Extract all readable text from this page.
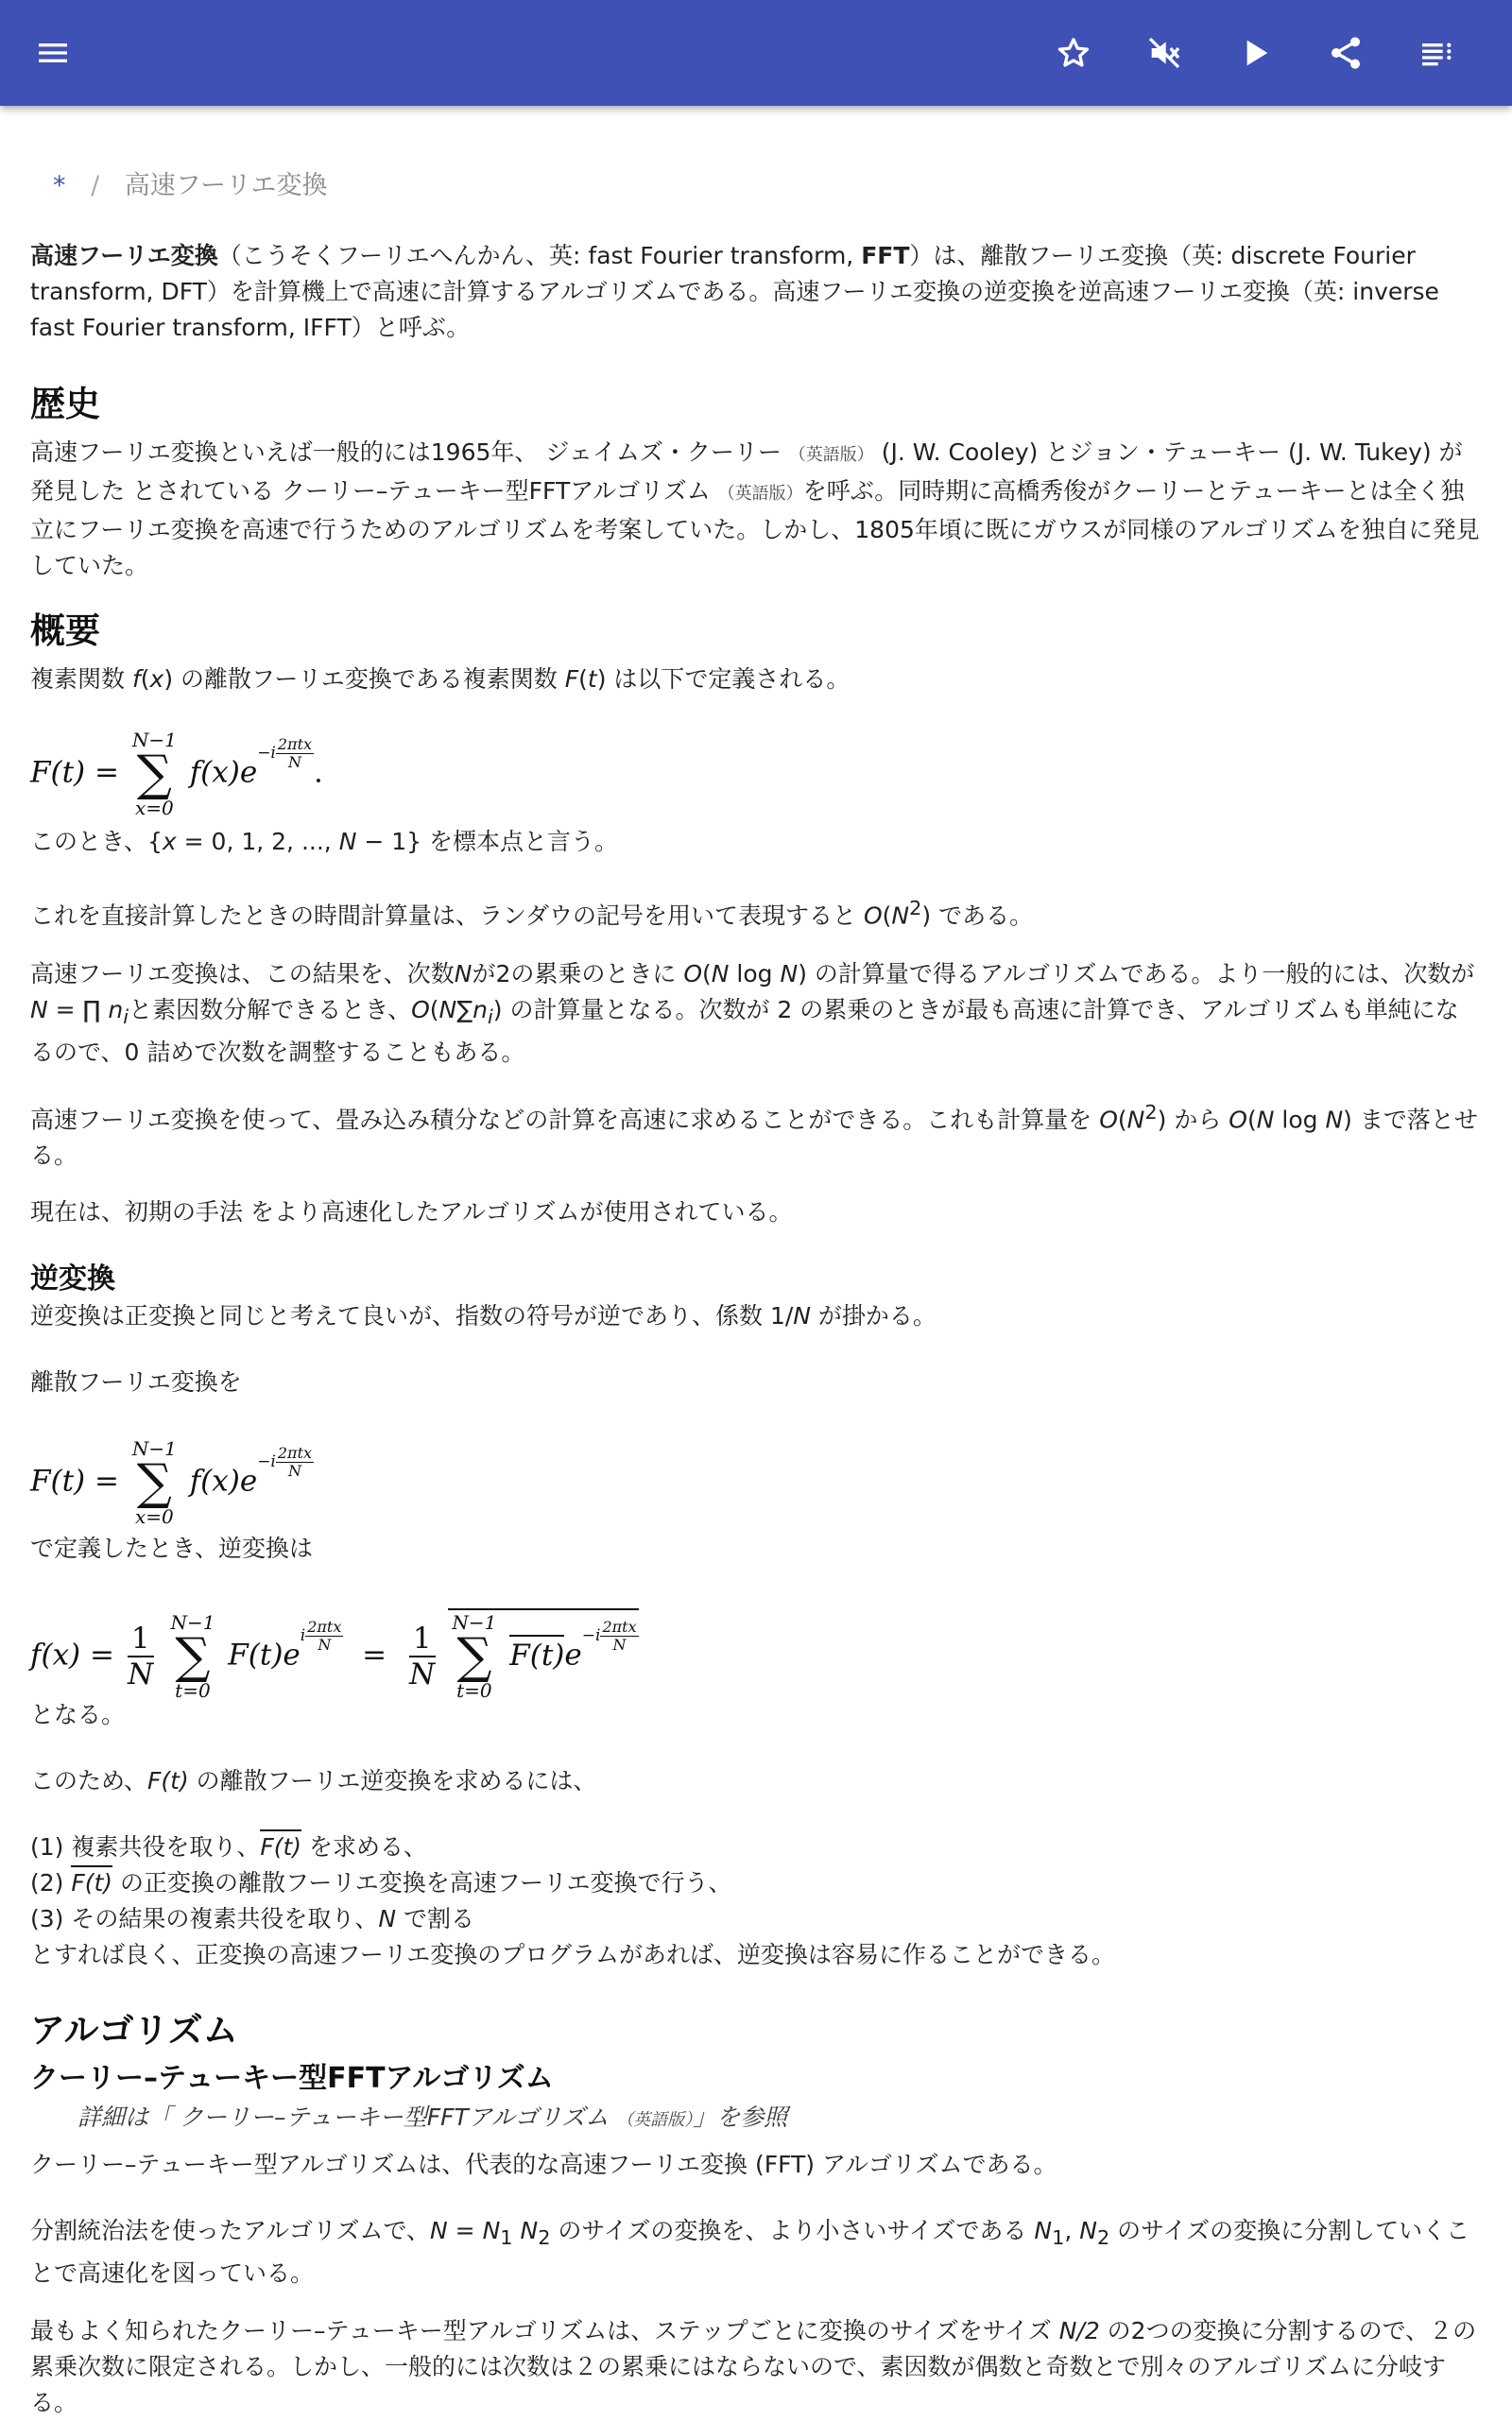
* / 高速フーリエ変換

高速フーリエ変換（こうそくフーリエへんかん、英: fast Fourier transform, FFT）は、離散フーリエ変換（英: discrete Fourier transform, DFT）を計算機上で高速に計算するアルゴリズムである。高速フーリエ変換の逆変換を逆高速フーリエ変換（英: inverse fast Fourier transform, IFFT）と呼ぶ。

歴史

高速フーリエ変換といえば一般的には1965年、 ジェイムズ・クーリー （英語版） (J. W. Cooley) とジョン・テューキー (J. W. Tukey) が発見した とされている クーリー–テューキー型FFTアルゴリズム （英語版）を呼ぶ。同時期に高橋秀俊がクーリーとテューキーとは全く独立にフーリエ変換を高速で行うためのアルゴリズムを考案していた。しかし、1805年頃に既にガウスが同様のアルゴリズムを独自に発見していた。

概要

複素関数 f(x) の離散フーリエ変換である複素関数 F(t) は以下で定義される。

F(t) =
N−1
∑
x=0
$f(x)e^{-i \frac{\text{2πtx}}{N}}$
.

このとき、{x = 0, 1, 2, ..., N − 1} を標本点と言う。

これを直接計算したときの時間計算量は、ランダウの記号を用いて表現すると $O(N^2)$ である。

高速フーリエ変換は、この結果を、次数Nが2の累乗のときに O(N log N) の計算量で得るアルゴリズムである。より一般的には、次数が N = ∏ $n_i$と素因数分解できるとき、$O(N\sum n_i)$ の計算量となる。次数が 2 の累乗のときが最も高速に計算でき、アルゴリズムも単純になるので、0 詰めで次数を調整することもある。

高速フーリエ変換を使って、畳み込み積分などの計算を高速に求めることができる。これも計算量を $O(N^2)$ から O(N log N) まで落とせる。

現在は、初期の手法 をより高速化したアルゴリズムが使用されている。

逆変換

逆変換は正変換と同じと考えて良いが、指数の符号が逆であり、係数 1/N が掛かる。

離散フーリエ変換を

F(t) =
N−1
∑
x=0
$f(x)e^{-i \frac{\text{2πtx}}{N}}$

で定義したとき、逆変換は

$f(x) = \frac{1}{N}$
N−1
∑
t=0
$F(t)e^{i \frac{\text{2πtx}}{N}}$
= $\frac{1}{N}$
N−1
∑
t=0
$F(t)e^{-i \frac{\text{2πtx}}{N}}$

となる。

このため、F(t) の離散フーリエ逆変換を求めるには、

(1) 複素共役を取り、F(t) を求める、
(2) F(t) の正変換の離散フーリエ変換を高速フーリエ変換で行う、
(3) その結果の複素共役を取り、N で割る
とすれば良く、正変換の高速フーリエ変換のプログラムがあれば、逆変換は容易に作ることができる。

アルゴリズム
クーリー–テューキー型FFTアルゴリズム

詳細は「 クーリー–テューキー型FFTアルゴリズム （英語版）」を参照

クーリー–テューキー型アルゴリズムは、代表的な高速フーリエ変換 (FFT) アルゴリズムである。

分割統治法を使ったアルゴリズムで、$N = N_1$ $N_2$ のサイズの変換を、より小さいサイズである $N_1$, $N_2$ のサイズの変換に分割していくことで高速化を図っている。

最もよく知られたクーリー–テューキー型アルゴリズムは、ステップごとに変換のサイズをサイズ N/2 の2つの変換に分割するので、２の累乗次数に限定される。しかし、一般的には次数は２の累乗にはならないので、素因数が偶数と奇数とで別々のアルゴリズムに分岐する。
